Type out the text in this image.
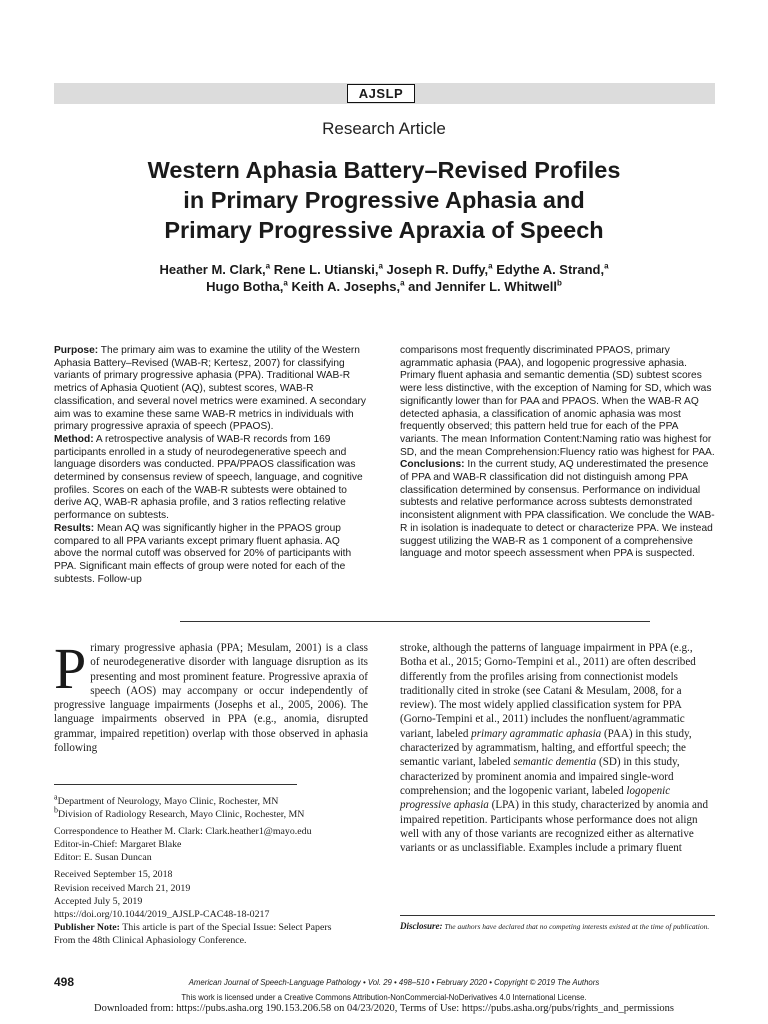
AJSLP
Research Article
Western Aphasia Battery–Revised Profiles
in Primary Progressive Aphasia and
Primary Progressive Apraxia of Speech
Heather M. Clark,$^a$ Rene L. Utianski,$^a$ Joseph R. Duffy,$^a$ Edythe A. Strand,$^a$
Hugo Botha,$^a$ Keith A. Josephs,$^a$ and Jennifer L. Whitwell$^b$
Purpose: The primary aim was to examine the utility of the Western Aphasia Battery–Revised (WAB-R; Kertesz, 2007) for classifying variants of primary progressive aphasia (PPA). Traditional WAB-R metrics of Aphasia Quotient (AQ), subtest scores, WAB-R classification, and several novel metrics were examined. A secondary aim was to examine these same WAB-R metrics in individuals with primary progressive apraxia of speech (PPAOS).
Method: A retrospective analysis of WAB-R records from 169 participants enrolled in a study of neurodegenerative speech and language disorders was conducted. PPA/PPAOS classification was determined by consensus review of speech, language, and cognitive profiles. Scores on each of the WAB-R subtests were obtained to derive AQ, WAB-R aphasia profile, and 3 ratios reflecting relative performance on subtests.
Results: Mean AQ was significantly higher in the PPAOS group compared to all PPA variants except primary fluent aphasia. AQ above the normal cutoff was observed for 20% of participants with PPA. Significant main effects of group were noted for each of the subtests. Follow-up
comparisons most frequently discriminated PPAOS, primary agrammatic aphasia (PAA), and logopenic progressive aphasia. Primary fluent aphasia and semantic dementia (SD) subtest scores were less distinctive, with the exception of Naming for SD, which was significantly lower than for PAA and PPAOS. When the WAB-R AQ detected aphasia, a classification of anomic aphasia was most frequently observed; this pattern held true for each of the PPA variants. The mean Information Content:Naming ratio was highest for SD, and the mean Comprehension:Fluency ratio was highest for PAA.
Conclusions: In the current study, AQ underestimated the presence of PPA and WAB-R classification did not distinguish among PPA classification determined by consensus. Performance on individual subtests and relative performance across subtests demonstrated inconsistent alignment with PPA classification. We conclude the WAB-R in isolation is inadequate to detect or characterize PPA. We instead suggest utilizing the WAB-R as 1 component of a comprehensive language and motor speech assessment when PPA is suspected.
Primary progressive aphasia (PPA; Mesulam, 2001) is a class of neurodegenerative disorder with language disruption as its presenting and most prominent feature. Progressive apraxia of speech (AOS) may accompany or occur independently of progressive language impairments (Josephs et al., 2005, 2006). The language impairments observed in PPA (e.g., anomia, disrupted grammar, impaired repetition) overlap with those observed in aphasia following
stroke, although the patterns of language impairment in PPA (e.g., Botha et al., 2015; Gorno-Tempini et al., 2011) are often described differently from the profiles arising from connectionist models traditionally cited in stroke (see Catani & Mesulam, 2008, for a review). The most widely applied classification system for PPA (Gorno-Tempini et al., 2011) includes the nonfluent/agrammatic variant, labeled primary agrammatic aphasia (PAA) in this study, characterized by agrammatism, halting, and effortful speech; the semantic variant, labeled semantic dementia (SD) in this study, characterized by prominent anomia and impaired single-word comprehension; and the logopenic variant, labeled logopenic progressive aphasia (LPA) in this study, characterized by anomia and impaired repetition. Participants whose performance does not align well with any of those variants are recognized either as alternative variants or as unclassifiable. Examples include a primary fluent
$^a$Department of Neurology, Mayo Clinic, Rochester, MN
$^b$Division of Radiology Research, Mayo Clinic, Rochester, MN
Correspondence to Heather M. Clark: Clark.heather1@mayo.edu
Editor-in-Chief: Margaret Blake
Editor: E. Susan Duncan
Received September 15, 2018
Revision received March 21, 2019
Accepted July 5, 2019
https://doi.org/10.1044/2019_AJSLP-CAC48-18-0217
Publisher Note: This article is part of the Special Issue: Select Papers
From the 48th Clinical Aphasiology Conference.
Disclosure: The authors have declared that no competing interests existed at the time of publication.
498	American Journal of Speech-Language Pathology • Vol. 29 • 498–510 • February 2020 • Copyright © 2019 The Authors
This work is licensed under a Creative Commons Attribution-NonCommercial-NoDerivatives 4.0 International License.
Downloaded from: https://pubs.asha.org 190.153.206.58 on 04/23/2020, Terms of Use: https://pubs.asha.org/pubs/rights_and_permissions
